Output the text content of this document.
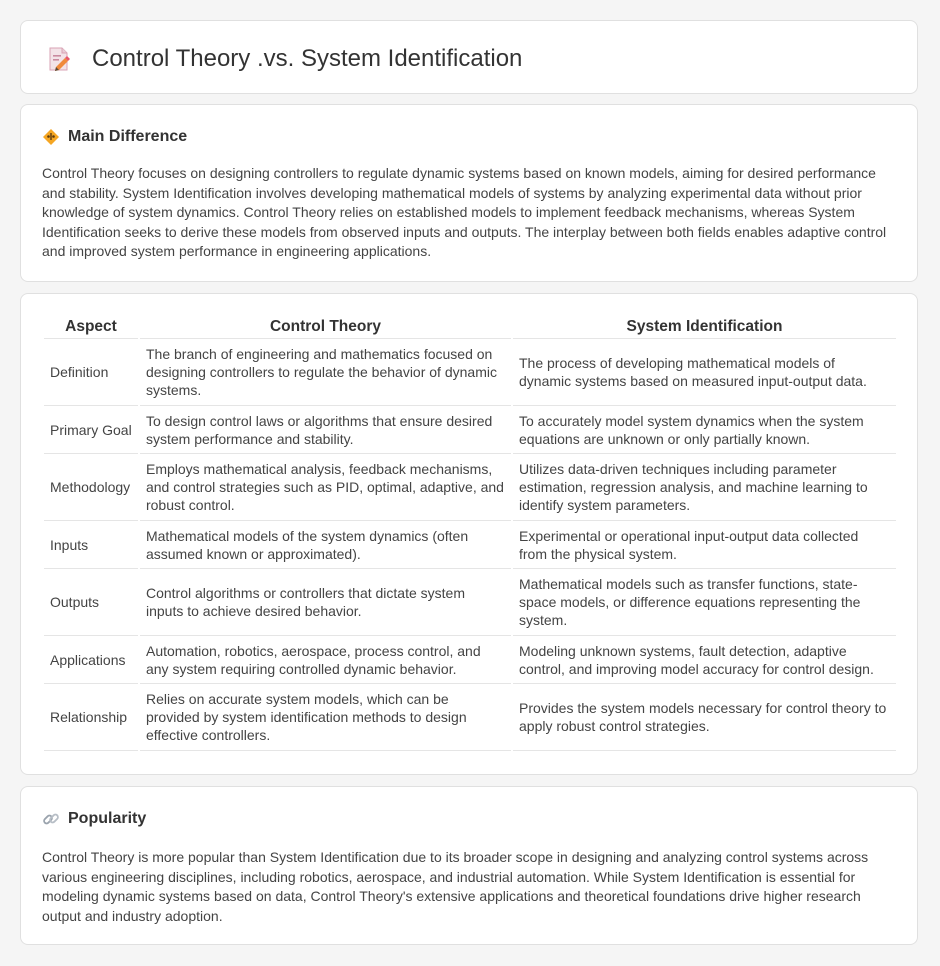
Control Theory .vs. System Identification
Main Difference

Control Theory focuses on designing controllers to regulate dynamic systems based on known models, aiming for desired performance and stability. System Identification involves developing mathematical models of systems by analyzing experimental data without prior knowledge of system dynamics. Control Theory relies on established models to implement feedback mechanisms, whereas System Identification seeks to derive these models from observed inputs and outputs. The interplay between both fields enables adaptive control and improved system performance in engineering applications.

Aspect	Control Theory	System Identification
Definition	The branch of engineering and mathematics focused on designing controllers to regulate the behavior of dynamic systems.	The process of developing mathematical models of dynamic systems based on measured input-output data.
Primary Goal	To design control laws or algorithms that ensure desired system performance and stability.	To accurately model system dynamics when the system equations are unknown or only partially known.
Methodology	Employs mathematical analysis, feedback mechanisms, and control strategies such as PID, optimal, adaptive, and robust control.	Utilizes data-driven techniques including parameter estimation, regression analysis, and machine learning to identify system parameters.
Inputs	Mathematical models of the system dynamics (often assumed known or approximated).	Experimental or operational input-output data collected from the physical system.
Outputs	Control algorithms or controllers that dictate system inputs to achieve desired behavior.	Mathematical models such as transfer functions, state-space models, or difference equations representing the system.
Applications	Automation, robotics, aerospace, process control, and any system requiring controlled dynamic behavior.	Modeling unknown systems, fault detection, adaptive control, and improving model accuracy for control design.
Relationship	Relies on accurate system models, which can be provided by system identification methods to design effective controllers.	Provides the system models necessary for control theory to apply robust control strategies.
Popularity

Control Theory is more popular than System Identification due to its broader scope in designing and analyzing control systems across various engineering disciplines, including robotics, aerospace, and industrial automation. While System Identification is essential for modeling dynamic systems based on data, Control Theory's extensive applications and theoretical foundations drive higher research output and industry adoption.
